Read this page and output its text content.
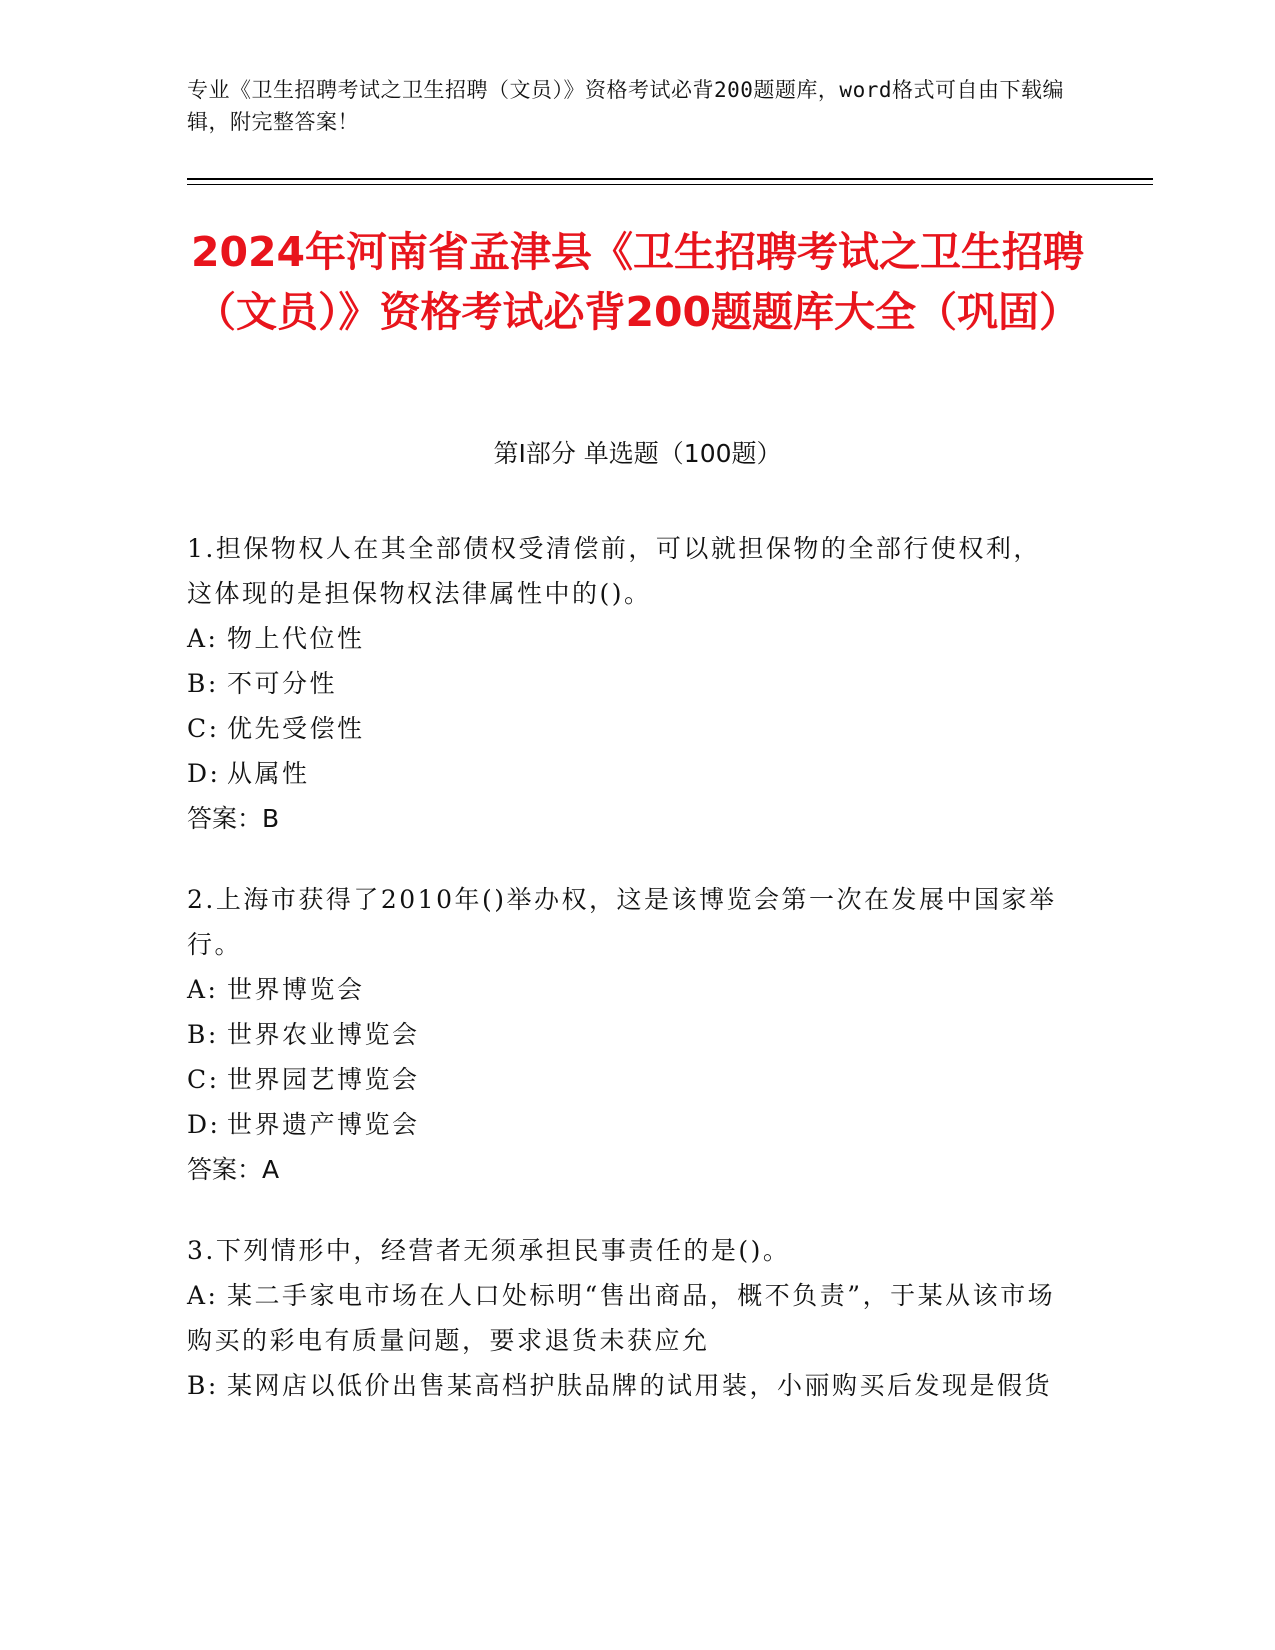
专业《卫生招聘考试之卫生招聘（文员）》资格考试必背200题题库，word格式可自由下载编辑，附完整答案！
2024年河南省孟津县《卫生招聘考试之卫生招聘（文员）》资格考试必背200题题库大全（巩固）
第Ⅰ部分 单选题（100题）
1.担保物权人在其全部债权受清偿前，可以就担保物的全部行使权利，这体现的是担保物权法律属性中的()。
A: 物上代位性
B: 不可分性
C: 优先受偿性
D: 从属性
答案：B
2.上海市获得了2010年()举办权，这是该博览会第一次在发展中国家举行。
A: 世界博览会
B: 世界农业博览会
C: 世界园艺博览会
D: 世界遗产博览会
答案：A
3.下列情形中，经营者无须承担民事责任的是()。
A: 某二手家电市场在人口处标明“售出商品，概不负责”，于某从该市场购买的彩电有质量问题，要求退货未获应允
B: 某网店以低价出售某高档护肤品牌的试用装，小丽购买后发现是假货
